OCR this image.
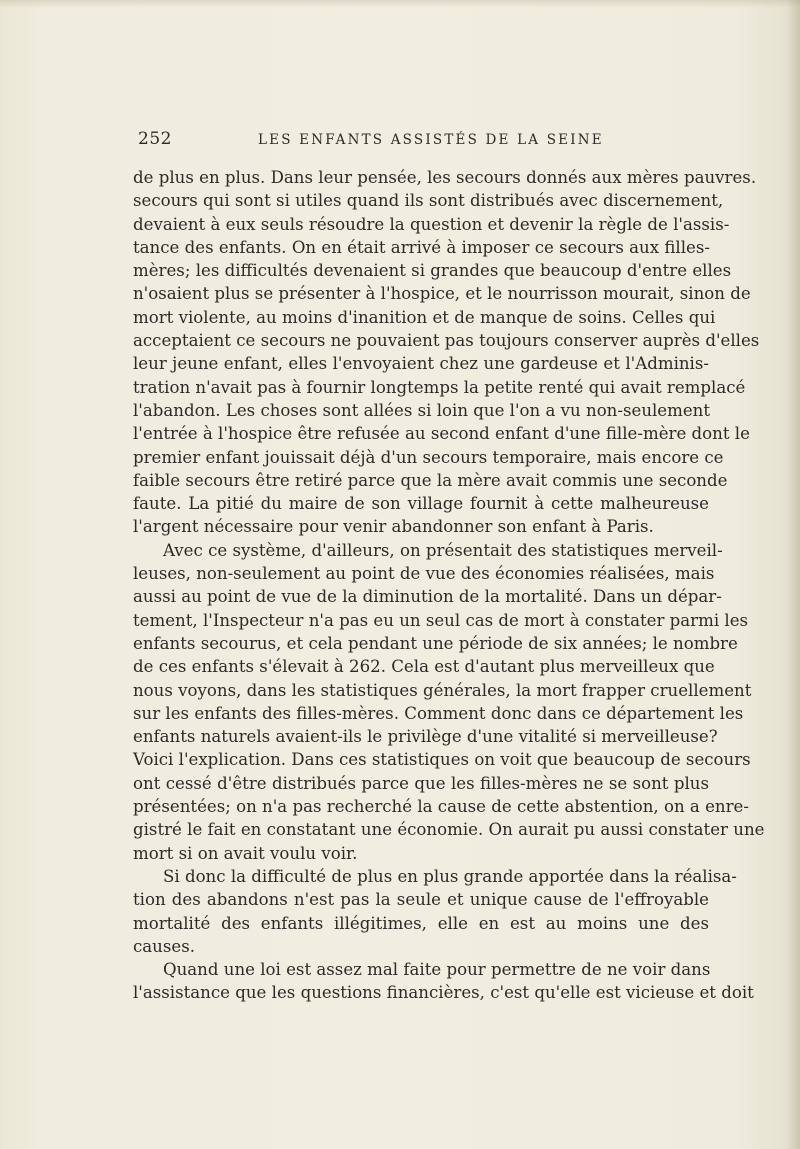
252	LES ENFANTS ASSISTÉS DE LA SEINE
de plus en plus. Dans leur pensée, les secours donnés aux mères pauvres.
secours qui sont si utiles quand ils sont distribués avec discernement,
devaient à eux seuls résoudre la question et devenir la règle de l'assis-
tance des enfants. On en était arrivé à imposer ce secours aux filles-
mères; les difficultés devenaient si grandes que beaucoup d'entre elles
n'osaient plus se présenter à l'hospice, et le nourrisson mourait, sinon de
mort violente, au moins d'inanition et de manque de soins. Celles qui
acceptaient ce secours ne pouvaient pas toujours conserver auprès d'elles
leur jeune enfant, elles l'envoyaient chez une gardeuse et l'Adminis-
tration n'avait pas à fournir longtemps la petite renté qui avait remplacé
l'abandon. Les choses sont allées si loin que l'on a vu non-seulement
l'entrée à l'hospice être refusée au second enfant d'une fille-mère dont le
premier enfant jouissait déjà d'un secours temporaire, mais encore ce
faible secours être retiré parce que la mère avait commis une seconde
faute. La pitié du maire de son village fournit à cette malheureuse
l'argent nécessaire pour venir abandonner son enfant à Paris.
Avec ce système, d'ailleurs, on présentait des statistiques merveil-
leuses, non-seulement au point de vue des économies réalisées, mais
aussi au point de vue de la diminution de la mortalité. Dans un dépar-
tement, l'Inspecteur n'a pas eu un seul cas de mort à constater parmi les
enfants secourus, et cela pendant une période de six années; le nombre
de ces enfants s'élevait à 262. Cela est d'autant plus merveilleux que
nous voyons, dans les statistiques générales, la mort frapper cruellement
sur les enfants des filles-mères. Comment donc dans ce département les
enfants naturels avaient-ils le privilège d'une vitalité si merveilleuse?
Voici l'explication. Dans ces statistiques on voit que beaucoup de secours
ont cessé d'être distribués parce que les filles-mères ne se sont plus
présentées; on n'a pas recherché la cause de cette abstention, on a enre-
gistré le fait en constatant une économie. On aurait pu aussi constater une
mort si on avait voulu voir.
Si donc la difficulté de plus en plus grande apportée dans la réalisa-
tion des abandons n'est pas la seule et unique cause de l'effroyable
mortalité des enfants illégitimes, elle en est au moins une des
causes.
Quand une loi est assez mal faite pour permettre de ne voir dans
l'assistance que les questions financières, c'est qu'elle est vicieuse et doit
